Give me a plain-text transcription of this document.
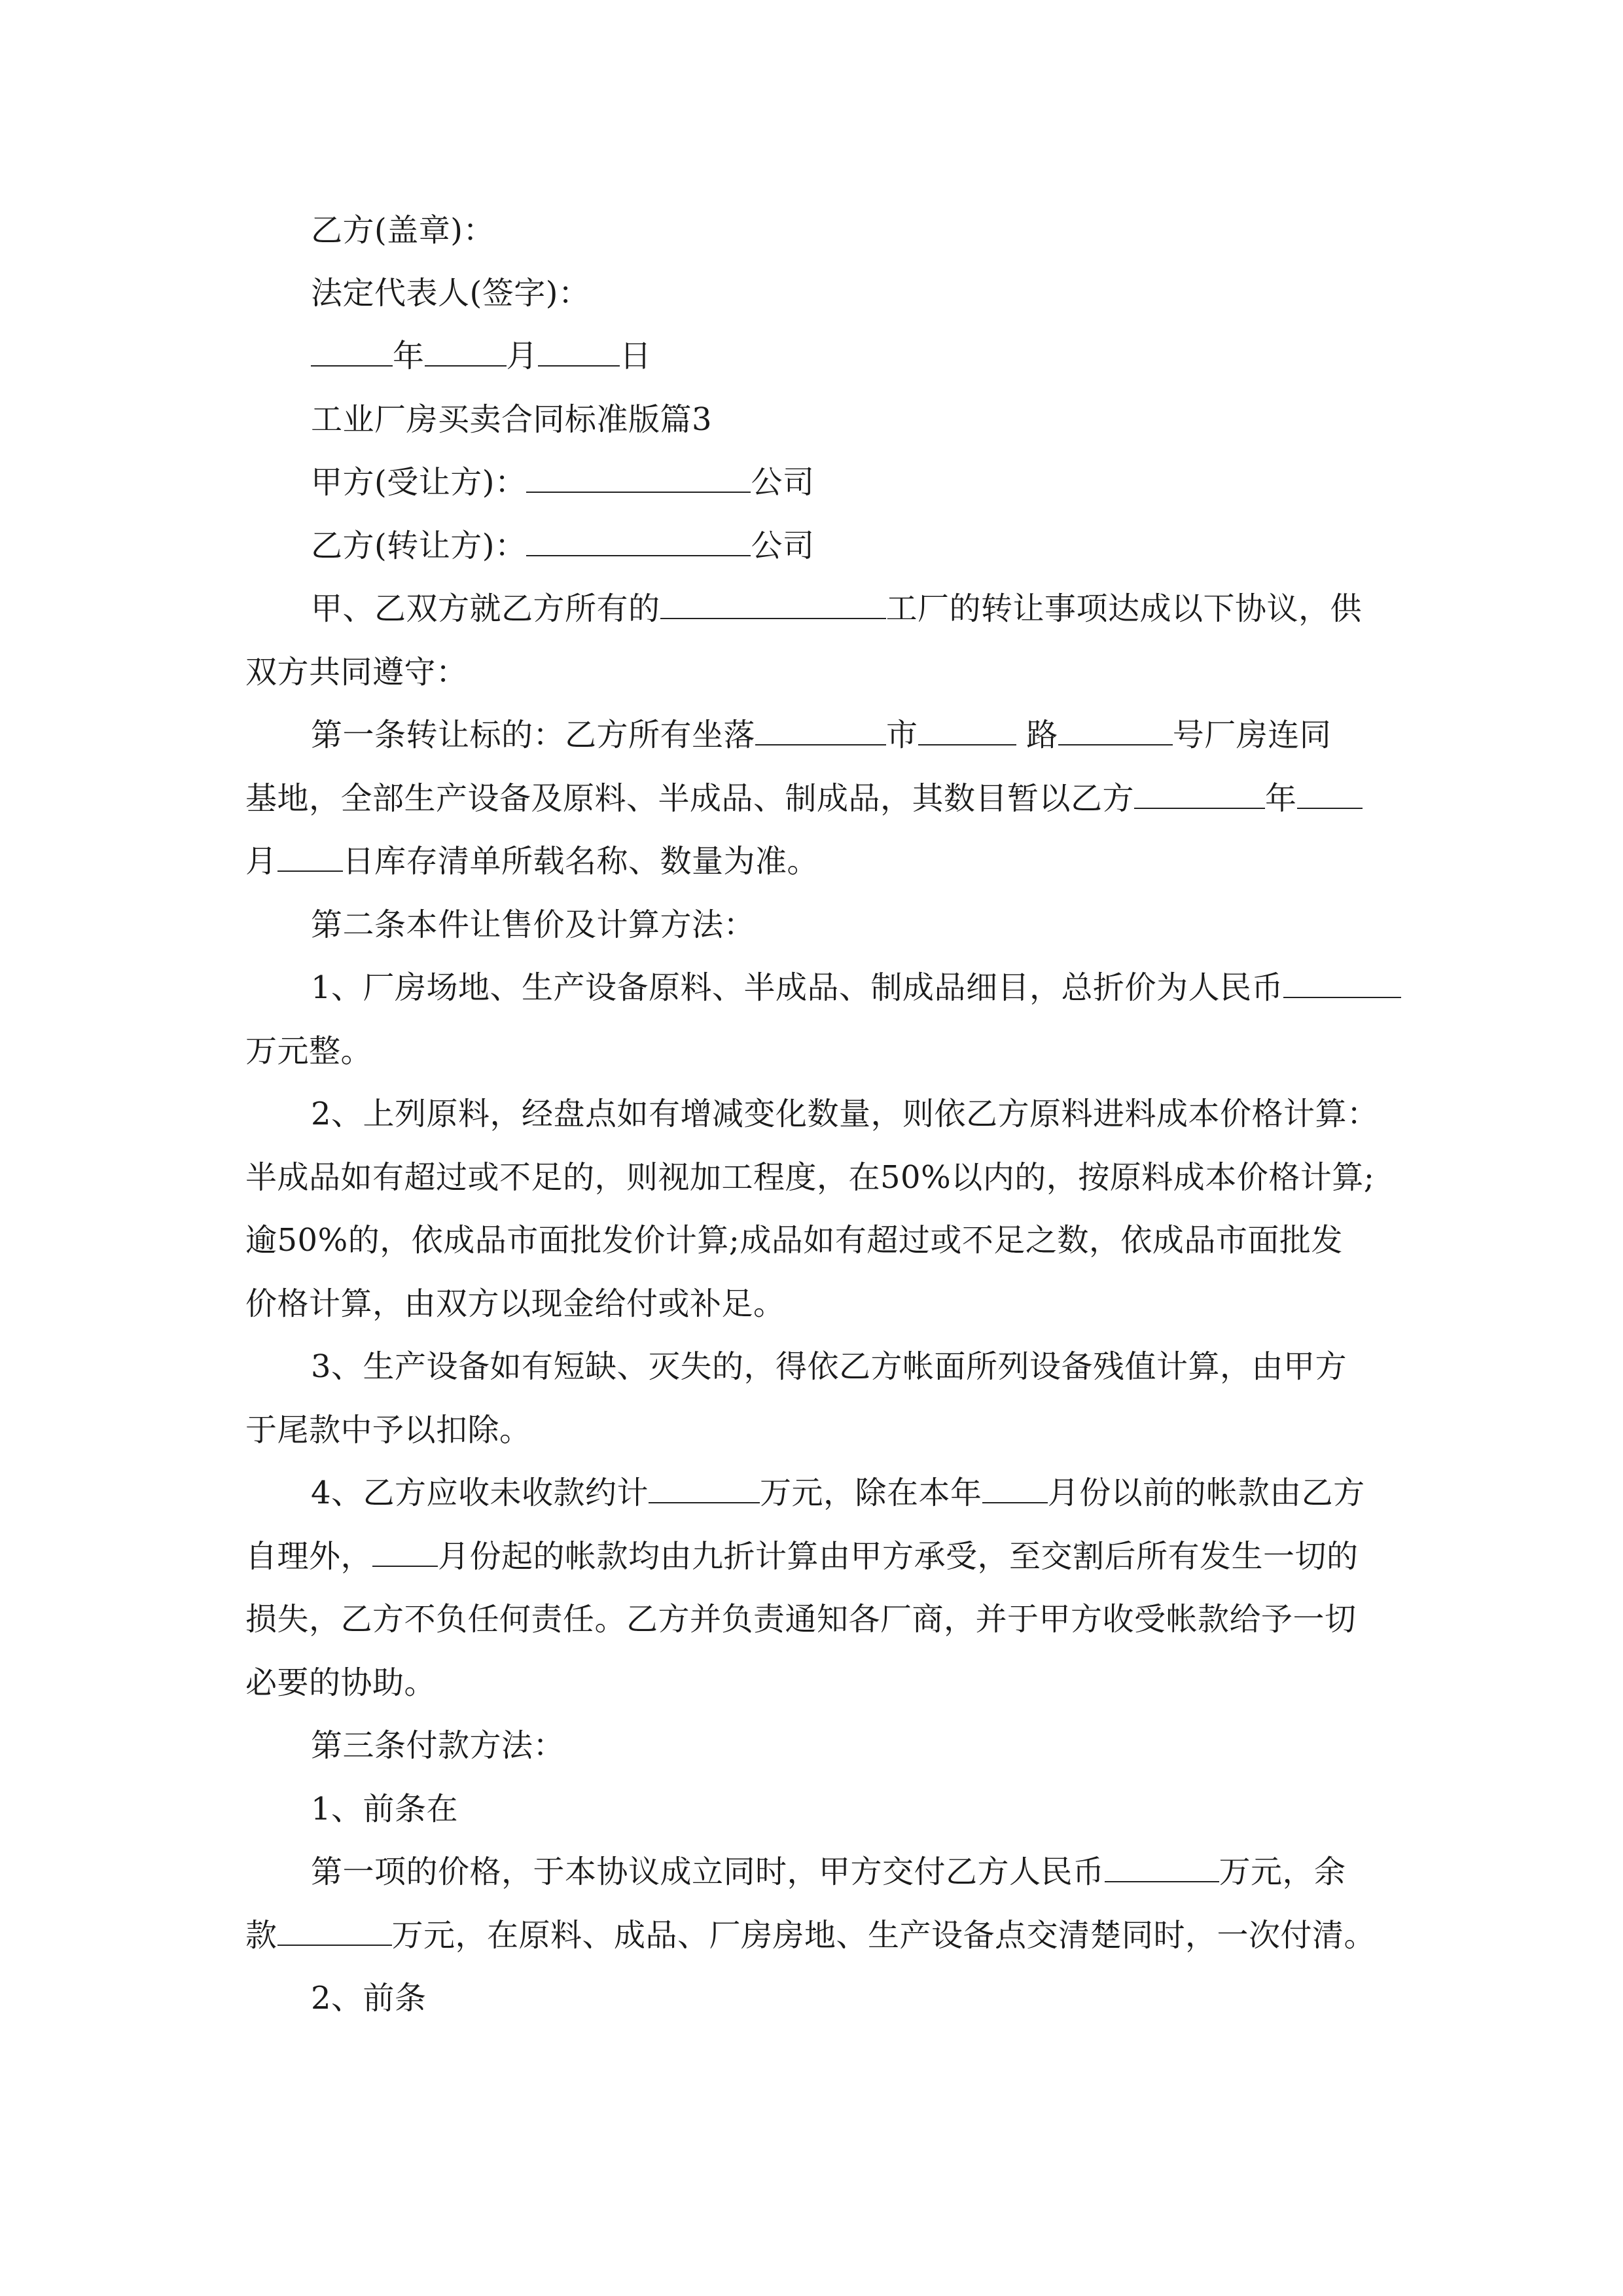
乙方(盖章)：
法定代表人(签字)：
年	月	日
工业厂房买卖合同标准版篇3
甲方(受让方)：	公司
乙方(转让方)：	公司
甲、乙双方就乙方所有的	工厂的转让事项达成以下协议，供
双方共同遵守：
第一条转让标的：乙方所有坐落	市	路	号厂房连同
基地，全部生产设备及原料、半成品、制成品，其数目暂以乙方	年
月 日库存清单所载名称、数量为准。
第二条本件让售价及计算方法：
1、厂房场地、生产设备原料、半成品、制成品细目，总折价为人民币
万元整。
2、上列原料，经盘点如有增减变化数量，则依乙方原料进料成本价格计算：
半成品如有超过或不足的，则视加工程度，在50%以内的，按原料成本价格计算;
逾50%的，依成品市面批发价计算;成品如有超过或不足之数，依成品市面批发
价格计算，由双方以现金给付或补足。
3、生产设备如有短缺、灭失的，得依乙方帐面所列设备残值计算，由甲方
于尾款中予以扣除。
4、乙方应收未收款约计	万元，除在本年 月份以前的帐款由乙方
自理外， 月份起的帐款均由九折计算由甲方承受，至交割后所有发生一切的
损失，乙方不负任何责任。乙方并负责通知各厂商，并于甲方收受帐款给予一切
必要的协助。
第三条付款方法：
1、前条在
第一项的价格，于本协议成立同时，甲方交付乙方人民币	万元，余
款	万元，在原料、成品、厂房房地、生产设备点交清楚同时，一次付清。
2、前条
